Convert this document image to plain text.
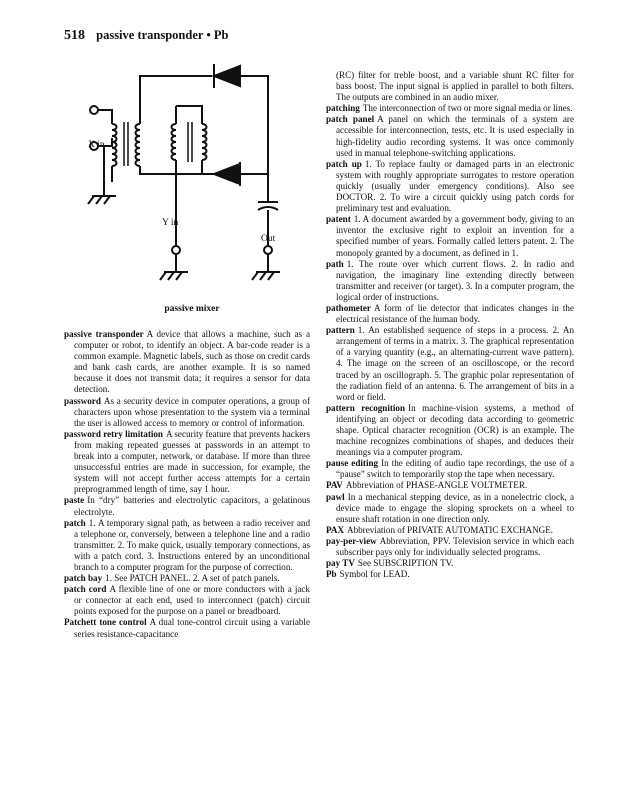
518 passive transponder • Pb
X in
Y in
Out
passive mixer
passive transponder A device that allows a machine, such as a computer or robot, to identify an object. A bar-code reader is a common example. Magnetic labels, such as those on credit cards and bank cash cards, are another example. It is so named because it does not transmit data; it requires a sensor for data detection.
password As a security device in computer operations, a group of characters upon whose presentation to the system via a terminal the user is allowed access to memory or control of information.
password retry limitation A security feature that prevents hackers from making repeated guesses at passwords in an attempt to break into a computer, network, or database. If more than three unsuccessful entries are made in succession, for example, the system will not accept further access attempts for a certain preprogrammed length of time, say 1 hour.
paste In “dry” batteries and electrolytic capacitors, a gelatinous electrolyte.
patch 1. A temporary signal path, as between a radio receiver and a telephone or, conversely, between a telephone line and a radio transmitter. 2. To make quick, usually temporary connections, as with a patch cord. 3. Instructions entered by an unconditional branch to a computer program for the purpose of correction.
patch bay 1. See PATCH PANEL. 2. A set of patch panels.
patch cord A flexible line of one or more conductors with a jack or connector at each end, used to interconnect (patch) circuit points exposed for the purpose on a panel or breadboard.
Patchett tone control A dual tone-control circuit using a variable series resistance-capacitance
(RC) filter for treble boost, and a variable shunt RC filter for bass boost. The input signal is applied in parallel to both filters. The outputs are combined in an audio mixer.
patching The interconnection of two or more signal media or lines.
patch panel A panel on which the terminals of a system are accessible for interconnection, tests, etc. It is used especially in high-fidelity audio recording systems. It was once commonly used in manual telephone-switching applications.
patch up 1. To replace faulty or damaged parts in an electronic system with roughly appropriate surrogates to restore operation quickly (usually under emergency conditions). Also see DOCTOR. 2. To wire a circuit quickly using patch cords for preliminary test and evaluation.
patent 1. A document awarded by a government body, giving to an inventor the exclusive right to exploit an invention for a specified number of years. Formally called letters patent. 2. The monopoly granted by a document, as defined in 1.
path 1. The route over which current flows. 2. In radio and navigation, the imaginary line extending directly between transmitter and receiver (or target). 3. In a computer program, the logical order of instructions.
pathometer A form of lie detector that indicates changes in the electrical resistance of the human body.
pattern 1. An established sequence of steps in a process. 2. An arrangement of terms in a matrix. 3. The graphical representation of a varying quantity (e.g., an alternating-current wave pattern). 4. The image on the screen of an oscilloscope, or the record traced by an oscillograph. 5. The graphic polar representation of the radiation field of an antenna. 6. The arrangement of bits in a word or field.
pattern recognition In machine-vision systems, a method of identifying an object or decoding data according to geometric shape. Optical character recognition (OCR) is an example. The machine recognizes combinations of shapes, and deduces their meanings via a computer program.
pause editing In the editing of audio tape recordings, the use of a “pause” switch to temporarily stop the tape when necessary.
PAV Abbreviation of PHASE-ANGLE VOLTMETER.
pawl In a mechanical stepping device, as in a nonelectric clock, a device made to engage the sloping sprockets on a wheel to ensure shaft rotation in one direction only.
PAX Abbreviation of PRIVATE AUTOMATIC EXCHANGE.
pay-per-view Abbreviation, PPV. Television service in which each subscriber pays only for individually selected programs.
pay TV See SUBSCRIPTION TV.
Pb Symbol for LEAD.
